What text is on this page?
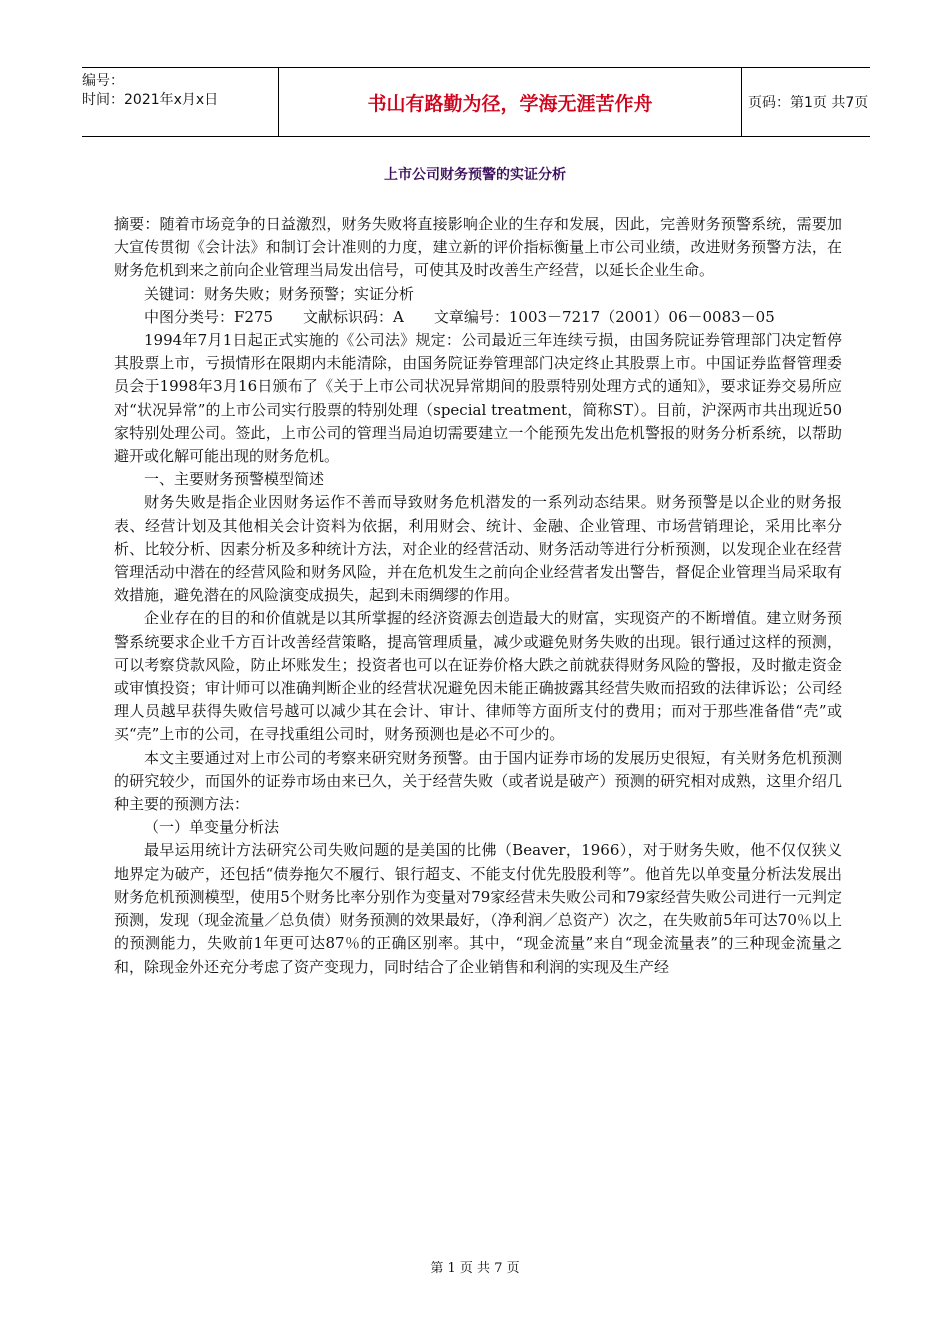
编号：
时间：2021年x月x日	书山有路勤为径，学海无涯苦作舟	页码：第1页 共7页
上市公司财务预警的实证分析

摘要：随着市场竞争的日益激烈，财务失败将直接影响企业的生存和发展，因此，完善财务预警系统，需要加大宣传贯彻《会计法》和制订会计准则的力度，建立新的评价指标衡量上市公司业绩，改进财务预警方法，在财务危机到来之前向企业管理当局发出信号，可使其及时改善生产经营，以延长企业生命。

关键词：财务失败；财务预警；实证分析

中图分类号：F275　　文献标识码：A　　文章编号：1003－7217（2001）06－0083－05

1994年7月1日起正式实施的《公司法》规定：公司最近三年连续亏损，由国务院证券管理部门决定暂停其股票上市，亏损情形在限期内未能清除，由国务院证券管理部门决定终止其股票上市。中国证券监督管理委员会于1998年3月16日颁布了《关于上市公司状况异常期间的股票特别处理方式的通知》，要求证券交易所应对“状况异常”的上市公司实行股票的特别处理（special treatment，简称ST）。目前，沪深两市共出现近50家特别处理公司。签此，上市公司的管理当局迫切需要建立一个能预先发出危机警报的财务分析系统，以帮助避开或化解可能出现的财务危机。

一、主要财务预警模型简述

财务失败是指企业因财务运作不善而导致财务危机潜发的一系列动态结果。财务预警是以企业的财务报表、经营计划及其他相关会计资料为依据，利用财会、统计、金融、企业管理、市场营销理论，采用比率分析、比较分析、因素分析及多种统计方法，对企业的经营活动、财务活动等进行分析预测，以发现企业在经营管理活动中潜在的经营风险和财务风险，并在危机发生之前向企业经营者发出警告，督促企业管理当局采取有效措施，避免潜在的风险演变成损失，起到未雨绸缪的作用。

企业存在的目的和价值就是以其所掌握的经济资源去创造最大的财富，实现资产的不断增值。建立财务预警系统要求企业千方百计改善经营策略，提高管理质量，减少或避免财务失败的出现。银行通过这样的预测，可以考察贷款风险，防止坏账发生；投资者也可以在证券价格大跌之前就获得财务风险的警报，及时撤走资金或审慎投资；审计师可以准确判断企业的经营状况避免因未能正确披露其经营失败而招致的法律诉讼；公司经理人员越早获得失败信号越可以减少其在会计、审计、律师等方面所支付的费用；而对于那些准备借“壳”或买“壳”上市的公司，在寻找重组公司时，财务预测也是必不可少的。

本文主要通过对上市公司的考察来研究财务预警。由于国内证券市场的发展历史很短，有关财务危机预测的研究较少，而国外的证券市场由来已久，关于经营失败（或者说是破产）预测的研究相对成熟，这里介绍几种主要的预测方法：

（一）单变量分析法

最早运用统计方法研究公司失败问题的是美国的比佛（Beaver，1966），对于财务失败，他不仅仅狭义地界定为破产，还包括“债券拖欠不履行、银行超支、不能支付优先股股利等”。他首先以单变量分析法发展出财务危机预测模型，使用5个财务比率分别作为变量对79家经营未失败公司和79家经营失败公司进行一元判定预测，发现（现金流量／总负债）财务预测的效果最好，（净利润／总资产）次之，在失败前5年可达70％以上的预测能力，失败前1年更可达87％的正确区别率。其中，“现金流量”来自“现金流量表”的三种现金流量之和，除现金外还充分考虑了资产变现力，同时结合了企业销售和利润的实现及生产经

第 1 页 共 7 页
